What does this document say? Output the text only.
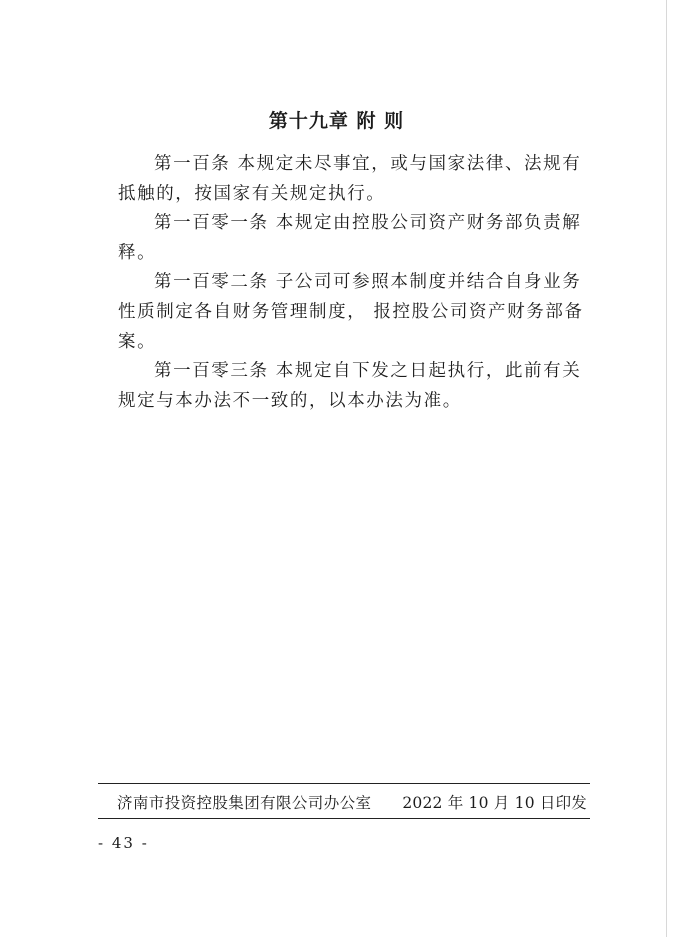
第十九章 附 则

第一百条 本规定未尽事宜，或与国家法律、法规有抵触的，按国家有关规定执行。

第一百零一条 本规定由控股公司资产财务部负责解释。

第一百零二条 子公司可参照本制度并结合自身业务性质制定各自财务管理制度， 报控股公司资产财务部备案。

第一百零三条 本规定自下发之日起执行，此前有关规定与本办法不一致的，以本办法为准。

济南市投资控股集团有限公司办公室 2022 年 10 月 10 日印发
- 43 -
